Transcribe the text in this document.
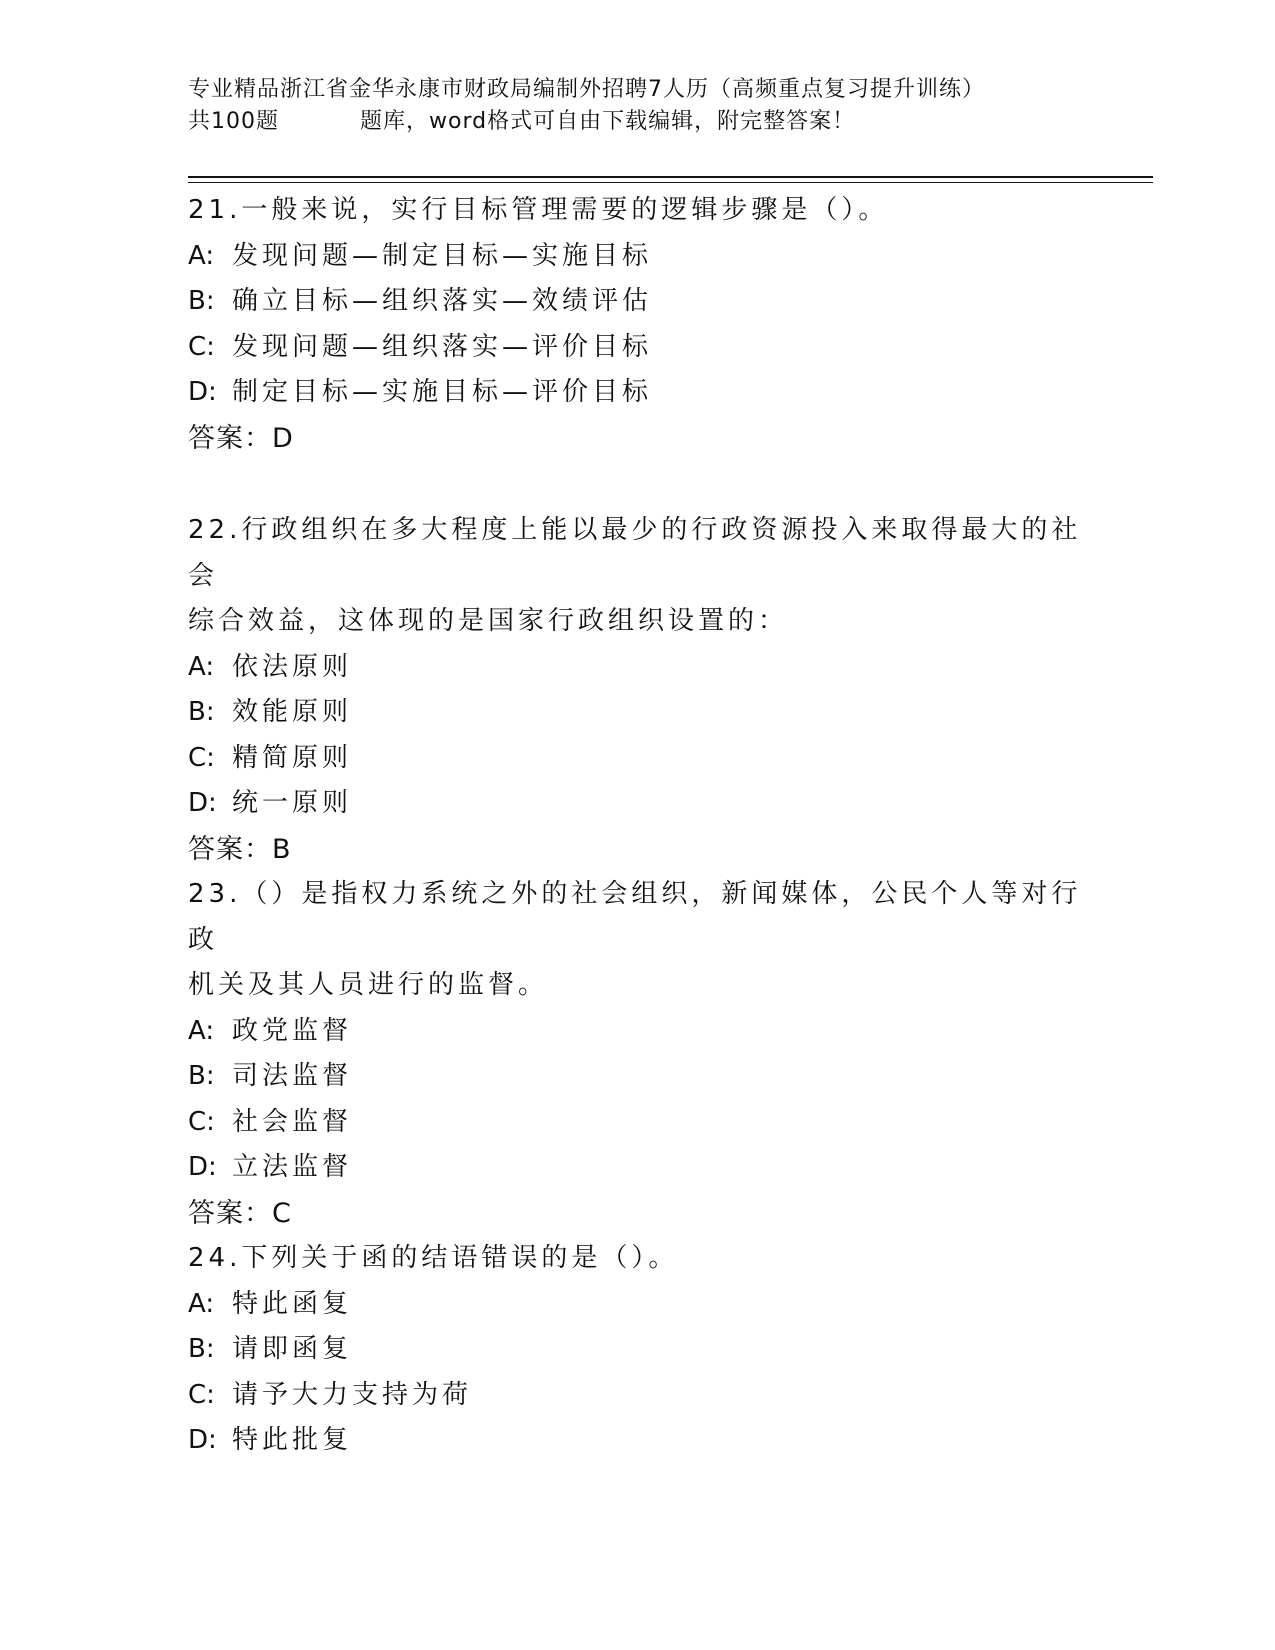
专业精品浙江省金华永康市财政局编制外招聘7人历（高频重点复习提升训练）
共100题	题库，word格式可自由下载编辑，附完整答案！
21.一般来说，实行目标管理需要的逻辑步骤是（）。
A: 发现问题—制定目标—实施目标
B: 确立目标—组织落实—效绩评估
C: 发现问题—组织落实—评价目标
D: 制定目标—实施目标—评价目标
答案：D
22.行政组织在多大程度上能以最少的行政资源投入来取得最大的社会
综合效益，这体现的是国家行政组织设置的：
A: 依法原则
B: 效能原则
C: 精简原则
D: 统一原则
答案：B
23.（）是指权力系统之外的社会组织，新闻媒体，公民个人等对行政
机关及其人员进行的监督。
A: 政党监督
B: 司法监督
C: 社会监督
D: 立法监督
答案：C
24.下列关于函的结语错误的是（）。
A: 特此函复
B: 请即函复
C: 请予大力支持为荷
D: 特此批复
